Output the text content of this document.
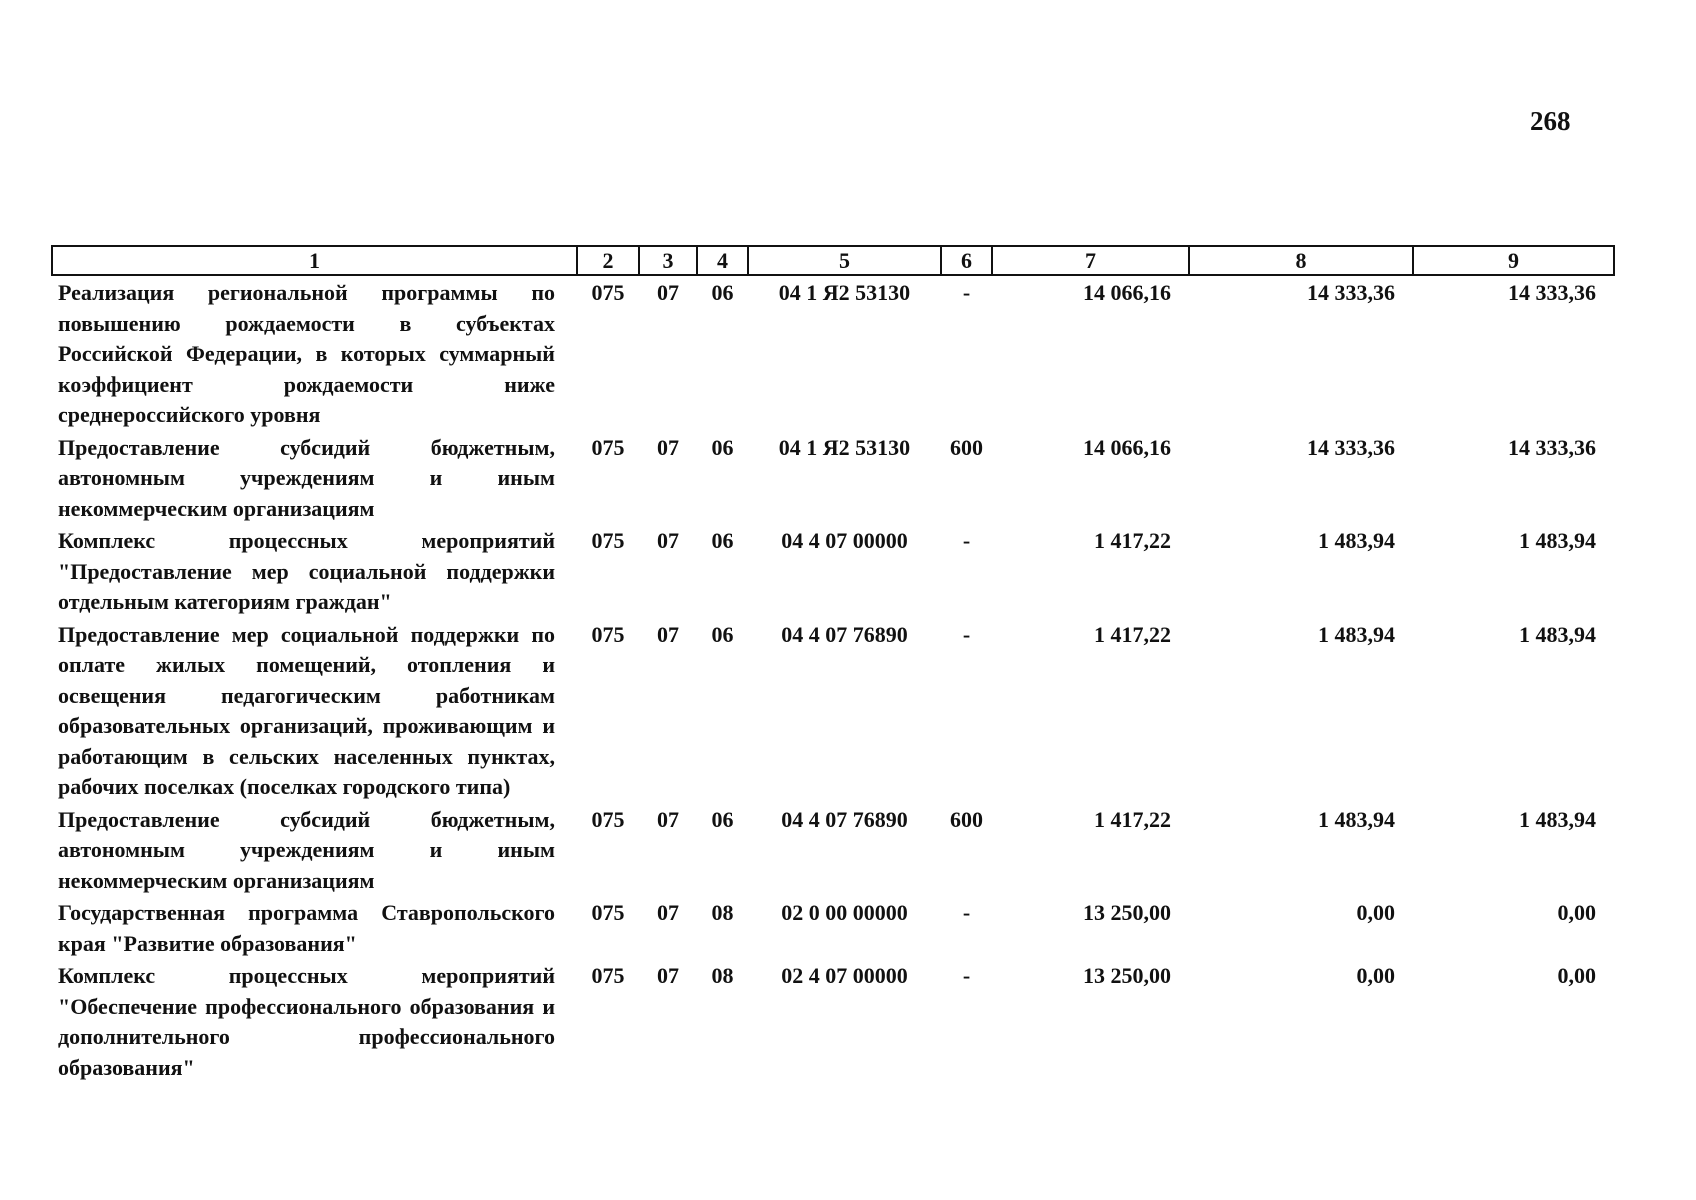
268
1	2	3	4	5	6	7	8	9
Реализация региональной программы по повышению рождаемости в субъектах Российской Федерации, в которых суммарный коэффициент рождаемости ниже среднероссийского уровня	075	07	06	04 1 Я2 53130	-	14 066,16	14 333,36	14 333,36
Предоставление субсидий бюджетным, автономным учреждениям и иным некоммерческим организациям	075	07	06	04 1 Я2 53130	600	14 066,16	14 333,36	14 333,36
Комплекс процессных мероприятий "Предоставление мер социальной поддержки отдельным категориям граждан"	075	07	06	04 4 07 00000	-	1 417,22	1 483,94	1 483,94
Предоставление мер социальной поддержки по оплате жилых помещений, отопления и освещения педагогическим работникам образовательных организаций, проживающим и работающим в сельских населенных пунктах, рабочих поселках (поселках городского типа)	075	07	06	04 4 07 76890	-	1 417,22	1 483,94	1 483,94
Предоставление субсидий бюджетным, автономным учреждениям и иным некоммерческим организациям	075	07	06	04 4 07 76890	600	1 417,22	1 483,94	1 483,94
Государственная программа Ставропольского края "Развитие образования"	075	07	08	02 0 00 00000	-	13 250,00	0,00	0,00
Комплекс процессных мероприятий "Обеспечение профессионального образования и дополнительного профессионального образования"	075	07	08	02 4 07 00000	-	13 250,00	0,00	0,00
